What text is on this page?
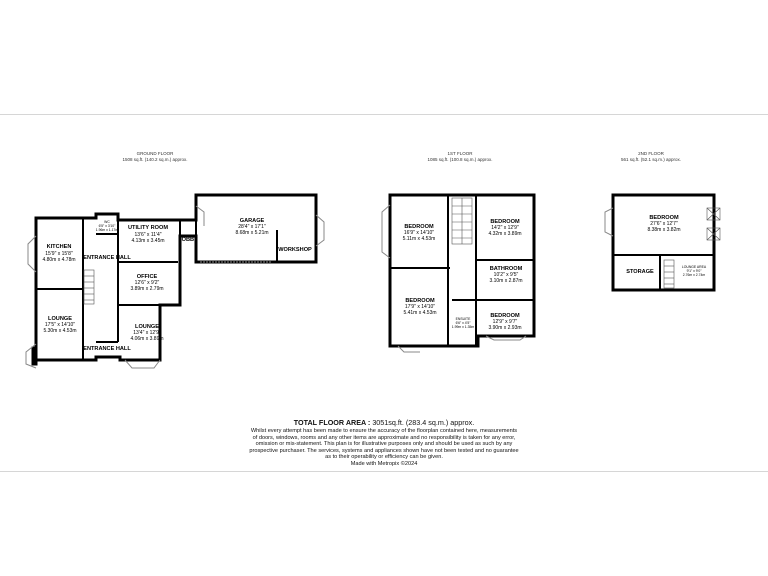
GROUND FLOOR
1508 sq.ft. (140.2 sq.m.) approx.
1ST FLOOR
1085 sq.ft. (100.8 sq.m.) approx.
2ND FLOOR
561 sq.ft. (52.1 sq.m.) approx.
KITCHEN
15'9" x 15'8"
4.80m x 4.78m
WC
6'5" x 3'10"
1.96m x 1.17m
ENTRANCE HALL
UTILITY ROOM
13'6" x 11'4"
4.13m x 3.45m LOBBY
GARAGE
28'4" x 17'1"
8.68m x 5.21m
WORKSHOP
OFFICE
12'6" x 9'2"
3.89m x 2.79m
LOUNGE
17'5" x 14'10"
5.30m x 4.53m
LOUNGE
13'4" x 12'9"
4.06m x 3.89m
ENTRANCE HALL
BEDROOM
16'9" x 14'10"
5.11m x 4.53m
BEDROOM
14'2" x 12'9"
4.32m x 3.89m
BATHROOM
10'2" x 9'5"
3.10m x 2.87m
BEDROOM
17'9" x 14'10"
5.41m x 4.53m
ENSUITE
6'6" x 4'5"
1.99m x 1.35m
BEDROOM
12'9" x 9'7"
3.90m x 2.93m
BEDROOM
27'6" x 12'7"
8.38m x 3.82m
STORAGE
LOUNGE AREA
9'1" x 9'0"
2.76m x 2.74m
TOTAL FLOOR AREA : 3051sq.ft. (283.4 sq.m.) approx.
Whilst every attempt has been made to ensure the accuracy of the floorplan contained here, measurements
of doors, windows, rooms and any other items are approximate and no responsibility is taken for any error,
omission or mis-statement. This plan is for illustrative purposes only and should be used as such by any
prospective purchaser. The services, systems and appliances shown have not been tested and no guarantee
as to their operability or efficiency can be given.
Made with Metropix ©2024
